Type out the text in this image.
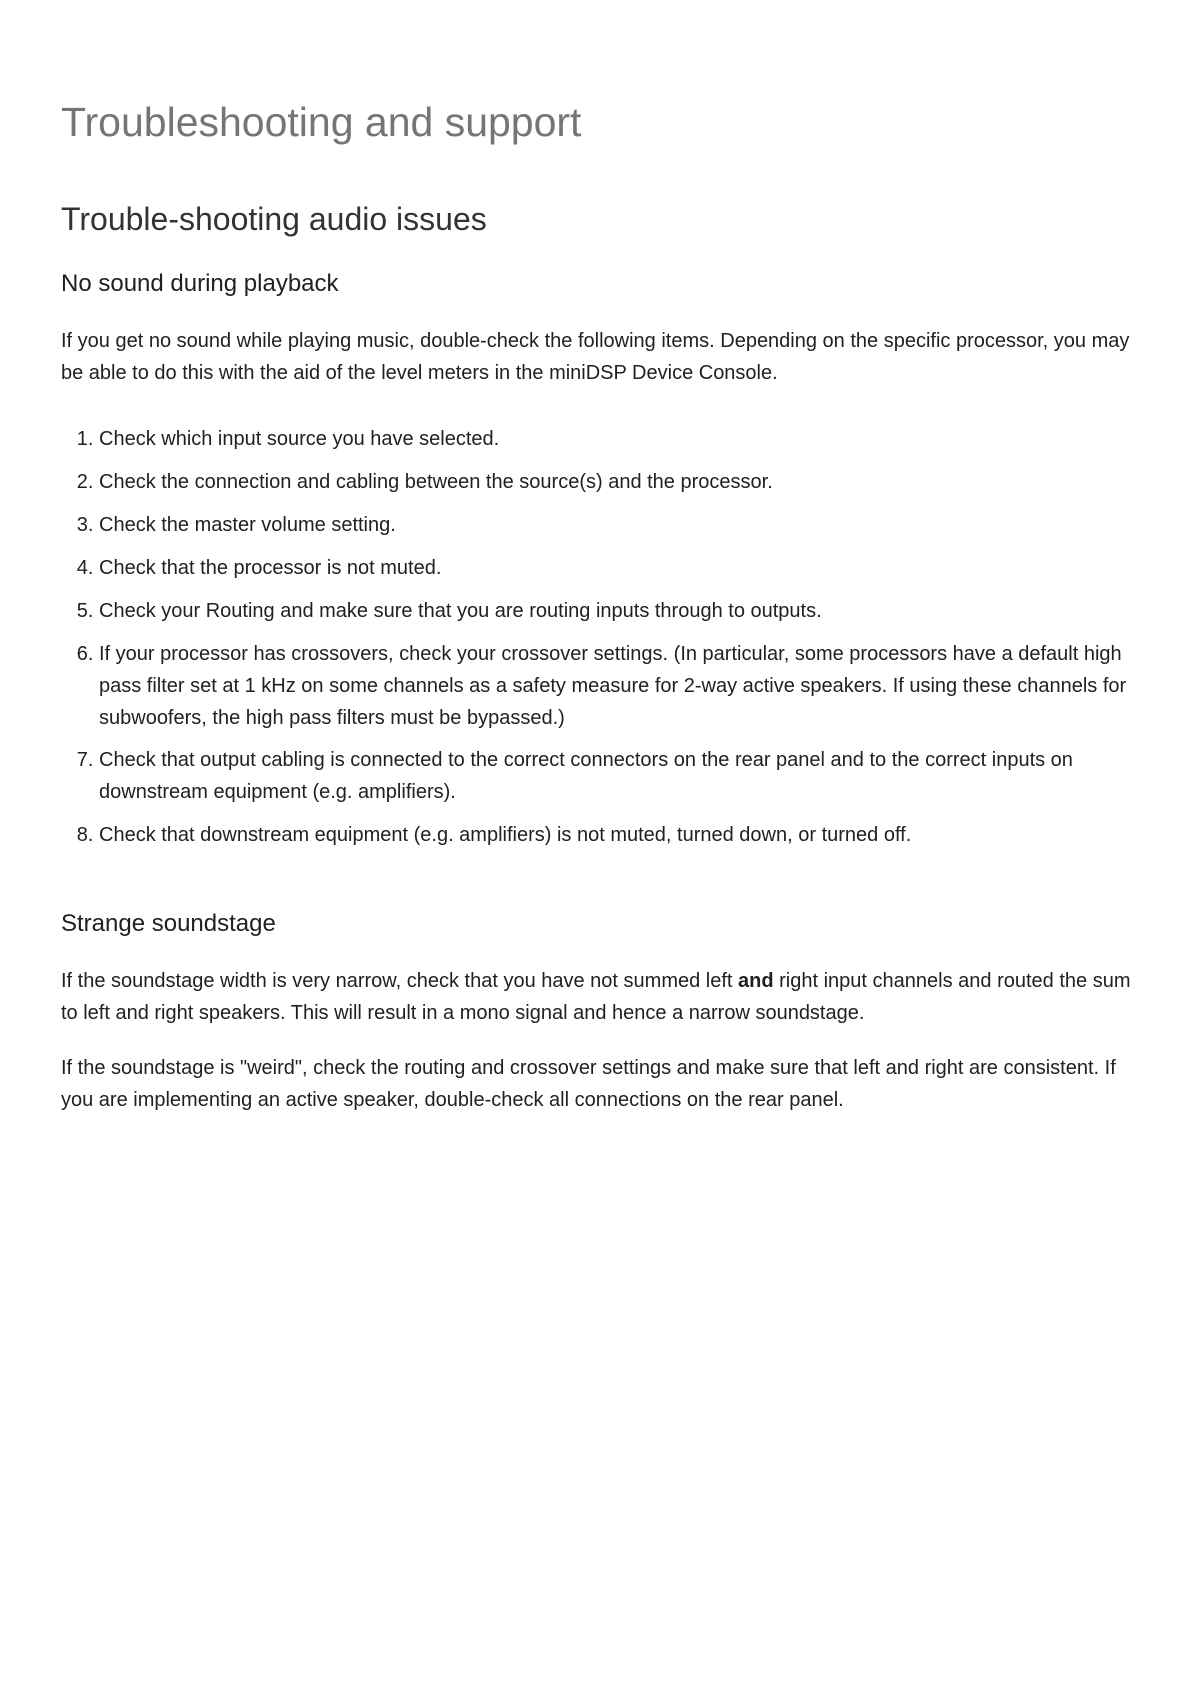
Troubleshooting and support
Trouble-shooting audio issues
No sound during playback

If you get no sound while playing music, double-check the following items. Depending on the specific processor, you may be able to do this with the aid of the level meters in the miniDSP Device Console.

1. Check which input source you have selected.
2. Check the connection and cabling between the source(s) and the processor.
3. Check the master volume setting.
4. Check that the processor is not muted.
5. Check your Routing and make sure that you are routing inputs through to outputs.
6. If your processor has crossovers, check your crossover settings. (In particular, some processors have a default high pass filter set at 1 kHz on some channels as a safety measure for 2-way active speakers. If using these channels for subwoofers, the high pass filters must be bypassed.)
7. Check that output cabling is connected to the correct connectors on the rear panel and to the correct inputs on downstream equipment (e.g. amplifiers).
8. Check that downstream equipment (e.g. amplifiers) is not muted, turned down, or turned off.
Strange soundstage

If the soundstage width is very narrow, check that you have not summed left and right input channels and routed the sum to left and right speakers. This will result in a mono signal and hence a narrow soundstage.

If the soundstage is "weird", check the routing and crossover settings and make sure that left and right are consistent. If you are implementing an active speaker, double-check all connections on the rear panel.
